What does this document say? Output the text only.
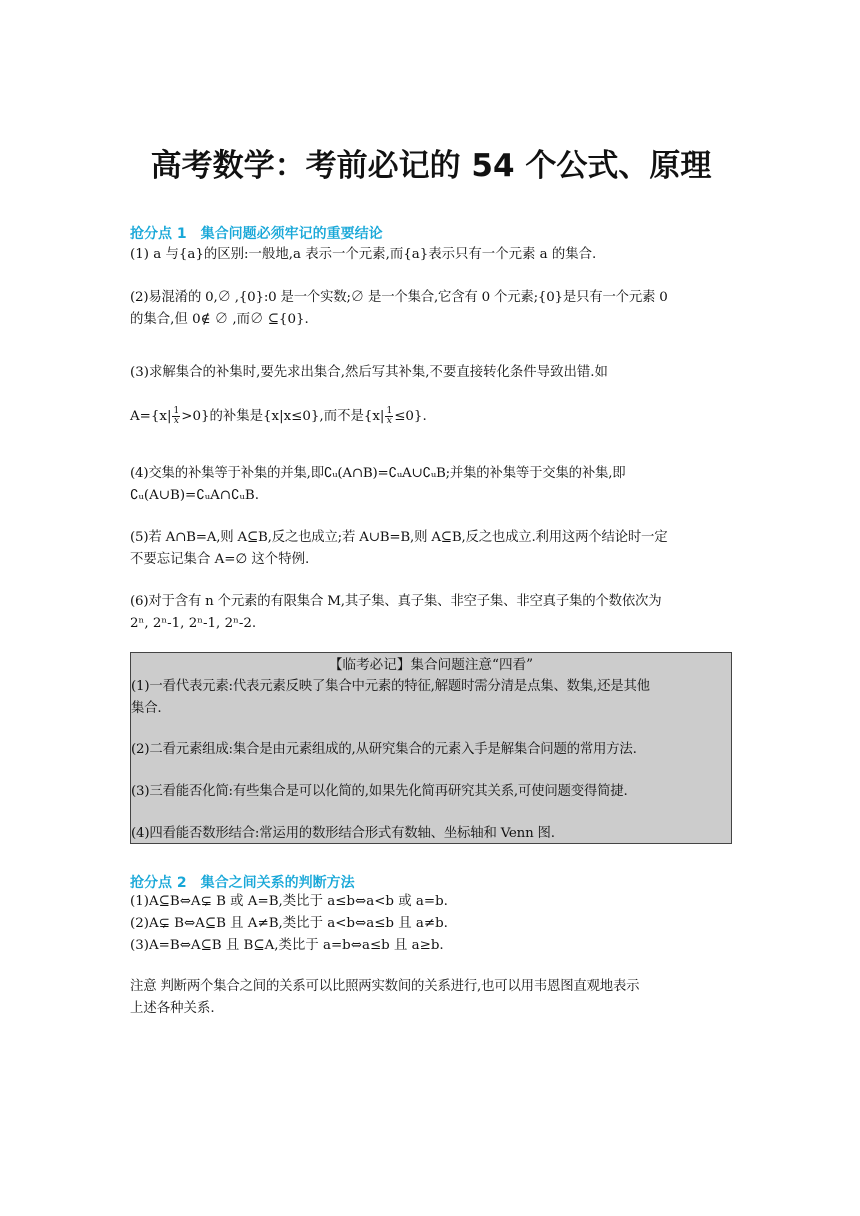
高考数学：考前必记的 54 个公式、原理
抢分点 1 集合问题必须牢记的重要结论
(1) a 与{a}的区别:一般地,a 表示一个元素,而{a}表示只有一个元素 a 的集合.
(2)易混淆的 0,∅ ,{0}:0 是一个实数;∅ 是一个集合,它含有 0 个元素;{0}是只有一个元素 0
的集合,但 0∉ ∅ ,而∅ ⊆{0}.
(3)求解集合的补集时,要先求出集合,然后写其补集,不要直接转化条件导致出错.如
$A=\{x| \frac{1}{x} >0\}$的补集是{x|x≤0},而不是$\{x| \frac{1}{x} \le 0\}$.
(4)交集的补集等于补集的并集,即∁ᵤ(A∩B)=∁ᵤA∪∁ᵤB;并集的补集等于交集的补集,即
∁ᵤ(A∪B)=∁ᵤA∩∁ᵤB.
(5)若 A∩B=A,则 A⊆B,反之也成立;若 A∪B=B,则 A⊆B,反之也成立.利用这两个结论时一定
不要忘记集合 A=∅ 这个特例.
(6)对于含有 n 个元素的有限集合 M,其子集、真子集、非空子集、非空真子集的个数依次为
2ⁿ, 2ⁿ-1, 2ⁿ-1, 2ⁿ-2.
【临考必记】集合问题注意“四看”
(1)一看代表元素:代表元素反映了集合中元素的特征,解题时需分清是点集、数集,还是其他
集合.
(2)二看元素组成:集合是由元素组成的,从研究集合的元素入手是解集合问题的常用方法.
(3)三看能否化简:有些集合是可以化简的,如果先化简再研究其关系,可使问题变得简捷.
(4)四看能否数形结合:常运用的数形结合形式有数轴、坐标轴和 Venn 图.
抢分点 2 集合之间关系的判断方法
(1)A⊆B⇔A⊊ B 或 A=B,类比于 a≤b⇔a<b 或 a=b.
(2)A⊊ B⇔A⊆B 且 A≠B,类比于 a<b⇔a≤b 且 a≠b.
(3)A=B⇔A⊆B 且 B⊆A,类比于 a=b⇔a≤b 且 a≥b.
注意 判断两个集合之间的关系可以比照两实数间的关系进行,也可以用韦恩图直观地表示
上述各种关系.
